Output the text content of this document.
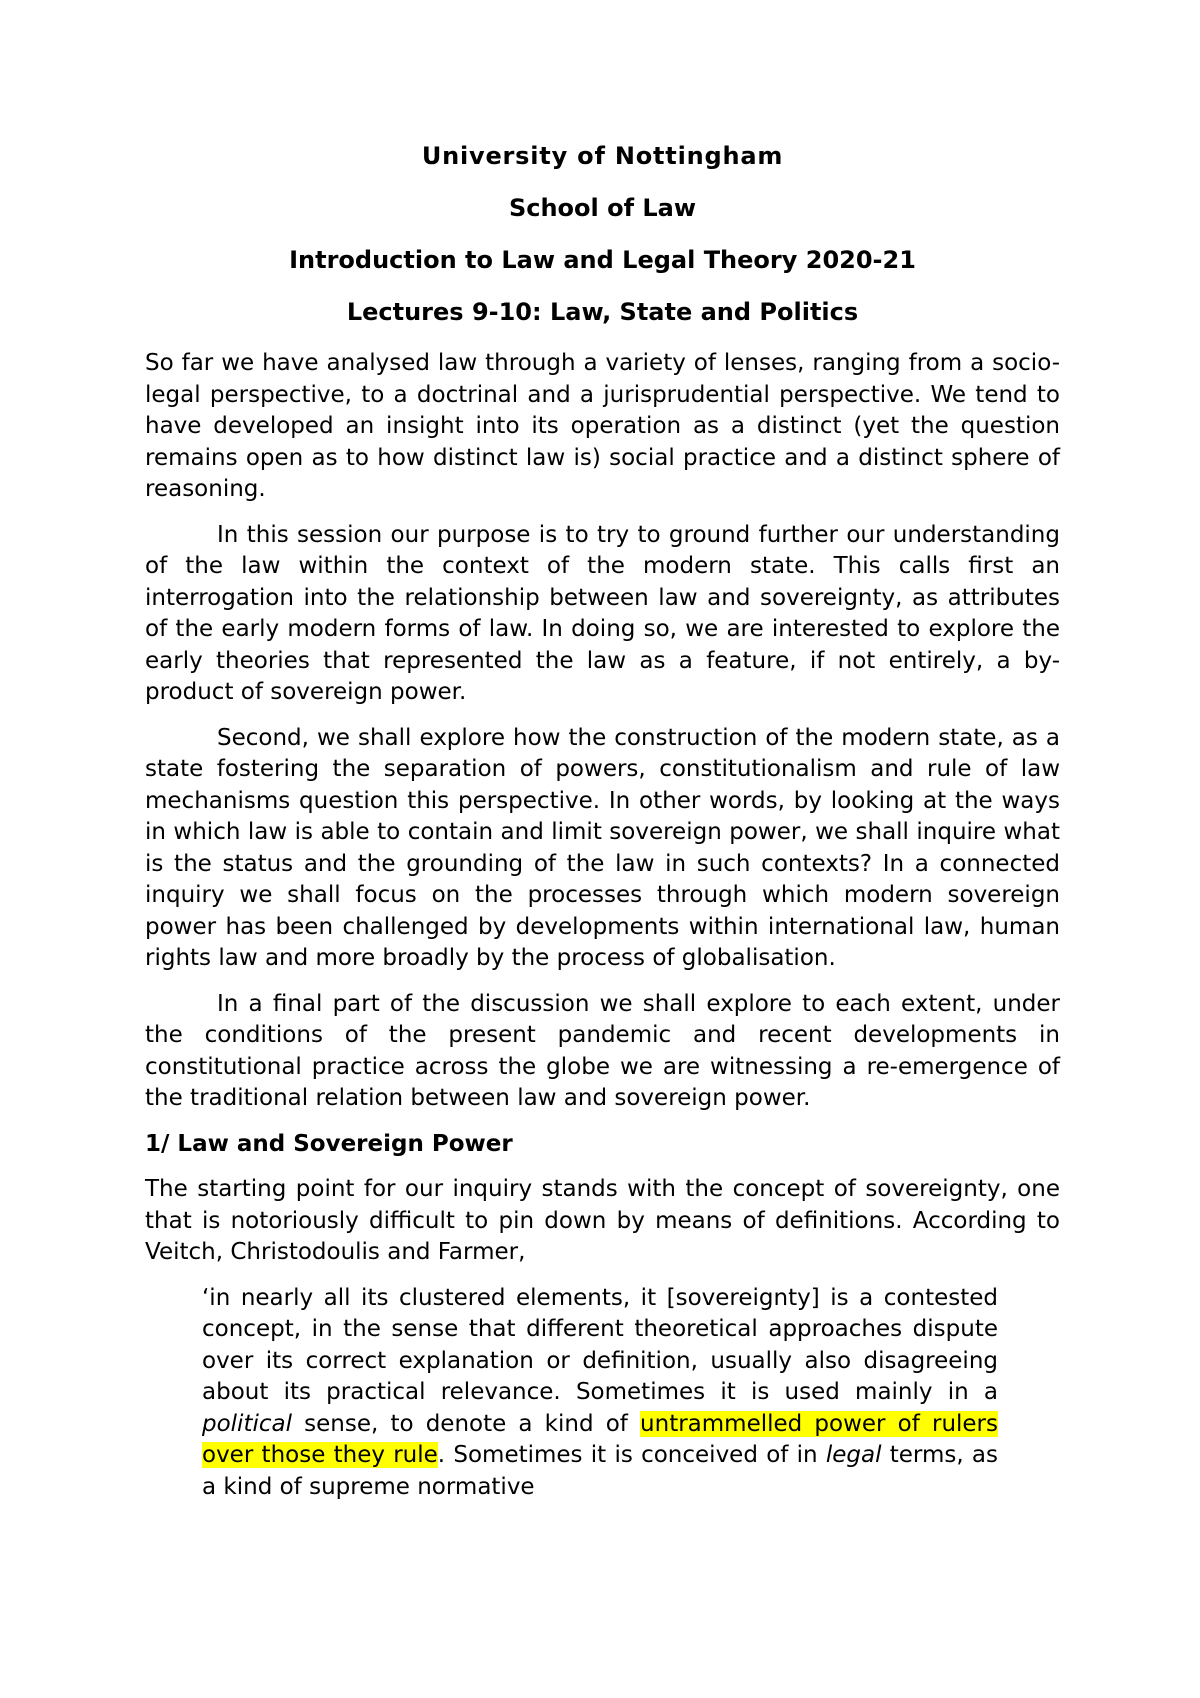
University of Nottingham
School of Law
Introduction to Law and Legal Theory 2020-21
Lectures 9-10: Law, State and Politics

So far we have analysed law through a variety of lenses, ranging from a socio-legal perspective, to a doctrinal and a jurisprudential perspective. We tend to have developed an insight into its operation as a distinct (yet the question remains open as to how distinct law is) social practice and a distinct sphere of reasoning.

In this session our purpose is to try to ground further our understanding of the law within the context of the modern state. This calls first an interrogation into the relationship between law and sovereignty, as attributes of the early modern forms of law. In doing so, we are interested to explore the early theories that represented the law as a feature, if not entirely, a by-product of sovereign power.

Second, we shall explore how the construction of the modern state, as a state fostering the separation of powers, constitutionalism and rule of law mechanisms question this perspective. In other words, by looking at the ways in which law is able to contain and limit sovereign power, we shall inquire what is the status and the grounding of the law in such contexts? In a connected inquiry we shall focus on the processes through which modern sovereign power has been challenged by developments within international law, human rights law and more broadly by the process of globalisation.

In a final part of the discussion we shall explore to each extent, under the conditions of the present pandemic and recent developments in constitutional practice across the globe we are witnessing a re-emergence of the traditional relation between law and sovereign power.

1/ Law and Sovereign Power

The starting point for our inquiry stands with the concept of sovereignty, one that is notoriously difficult to pin down by means of definitions. According to Veitch, Christodoulis and Farmer,

‘in nearly all its clustered elements, it [sovereignty] is a contested concept, in the sense that different theoretical approaches dispute over its correct explanation or definition, usually also disagreeing about its practical relevance. Sometimes it is used mainly in a political sense, to denote a kind of untrammelled power of rulers over those they rule. Sometimes it is conceived of in legal terms, as a kind of supreme normative
